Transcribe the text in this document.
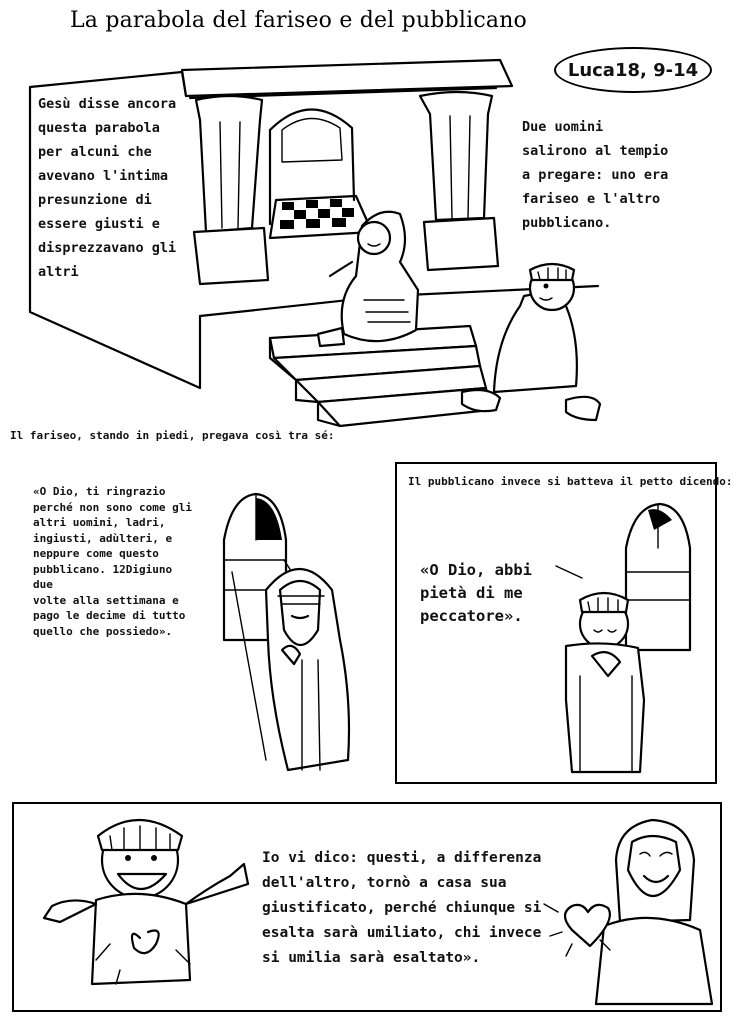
La parabola del fariseo e del pubblicano
Luca18, 9-14
Gesù disse ancora
questa parabola
per alcuni che
avevano l'intima
presunzione di
essere giusti e
disprezzavano gli
altri
Due uomini
salirono al tempio
a pregare: uno era
fariseo e l'altro
pubblicano.
Il fariseo, stando in piedi, pregava così tra sé:
«O Dio, ti ringrazio
perché non sono come gli
altri uomini, ladri,
ingiusti, adùlteri, e
neppure come questo
pubblicano. 12Digiuno due
volte alla settimana e
pago le decime di tutto
quello che possiedo».
Il pubblicano invece si batteva il petto dicendo:
«O Dio, abbi
pietà di me
peccatore».
Io vi dico: questi, a differenza
dell'altro, tornò a casa sua
giustificato, perché chiunque si
esalta sarà umiliato, chi invece
si umilia sarà esaltato».
